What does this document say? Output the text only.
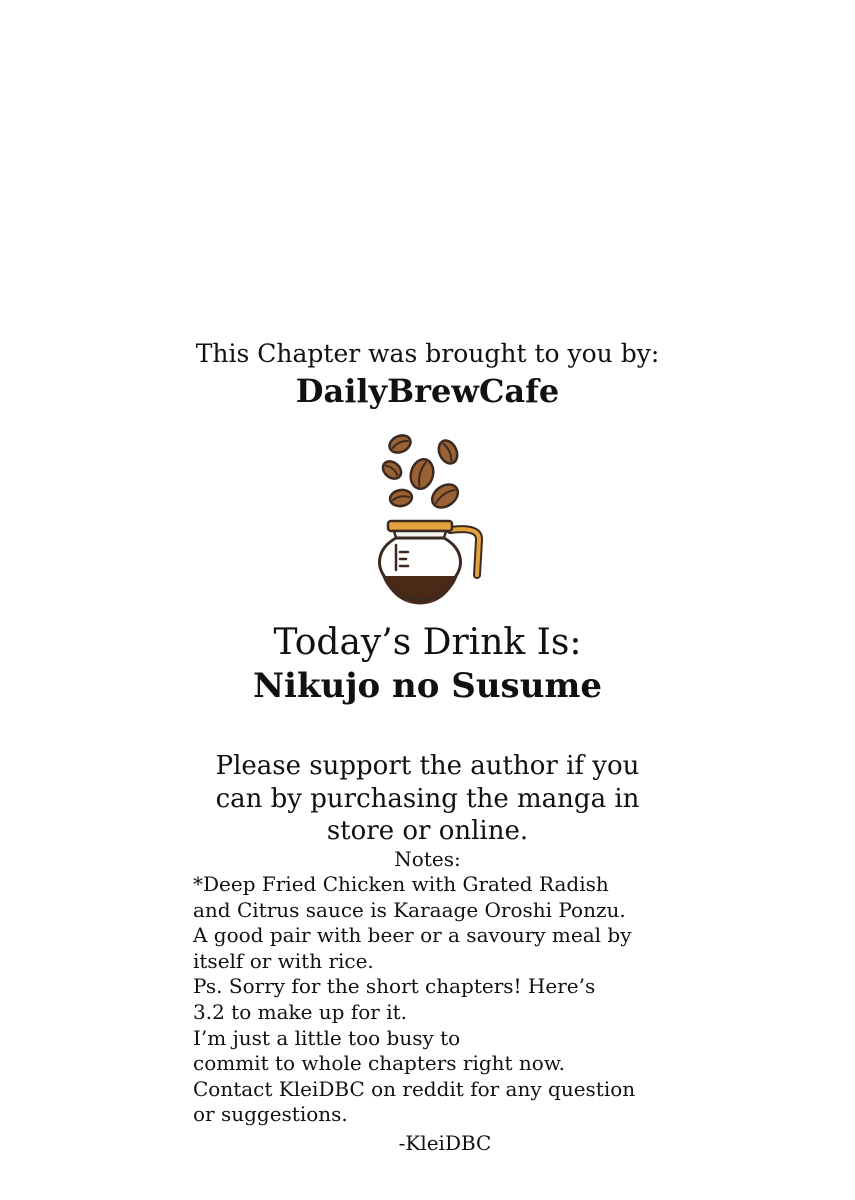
This Chapter was brought to you by:

DailyBrewCafe

Today’s Drink Is:

Nikujo no Susume

Please support the author if you
can by purchasing the manga in
store or online.

Notes:

*Deep Fried Chicken with Grated Radish
and Citrus sauce is Karaage Oroshi Ponzu.
A good pair with beer or a savoury meal by
itself or with rice.
Ps. Sorry for the short chapters! Here’s
3.2 to make up for it.
I’m just a little too busy to
commit to whole chapters right now.
Contact KleiDBC on reddit for any question
or suggestions.

-KleiDBC
